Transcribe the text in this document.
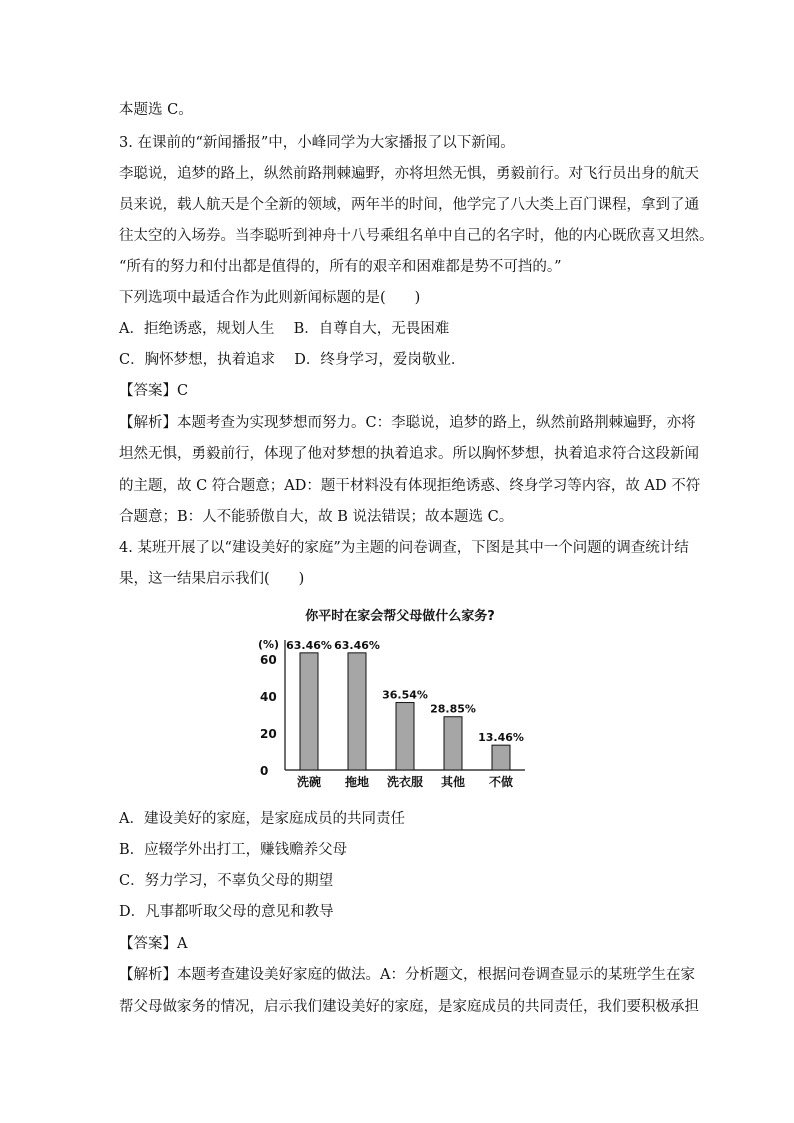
本题选 C。
3. 在课前的“新闻播报”中，小峰同学为大家播报了以下新闻。
李聪说，追梦的路上，纵然前路荆棘遍野，亦将坦然无惧，勇毅前行。对飞行员出身的航天
员来说，载人航天是个全新的领域，两年半的时间，他学完了八大类上百门课程，拿到了通
往太空的入场券。当李聪听到神舟十八号乘组名单中自己的名字时，他的内心既欣喜又坦然。
“所有的努力和付出都是值得的，所有的艰辛和困难都是势不可挡的。”
下列选项中最适合作为此则新闻标题的是(　　)
A．拒绝诱惑，规划人生　 B．自尊自大，无畏困难
C．胸怀梦想，执着追求　 D．终身学习，爱岗敬业．
【答案】C
【解析】本题考查为实现梦想而努力。C：李聪说，追梦的路上，纵然前路荆棘遍野，亦将
坦然无惧，勇毅前行，体现了他对梦想的执着追求。所以胸怀梦想，执着追求符合这段新闻
的主题，故 C 符合题意；AD：题干材料没有体现拒绝诱惑、终身学习等内容，故 AD 不符
合题意；B：人不能骄傲自大，故 B 说法错误；故本题选 C。
4. 某班开展了以“建设美好的家庭”为主题的问卷调查，下图是其中一个问题的调查统计结
果，这一结果启示我们(　　)
A．建设美好的家庭，是家庭成员的共同责任
B．应辍学外出打工，赚钱赡养父母
C．努力学习，不辜负父母的期望
D．凡事都听取父母的意见和教导
【答案】A
【解析】本题考查建设美好家庭的做法。A：分析题文，根据问卷调查显示的某班学生在家
帮父母做家务的情况，启示我们建设美好的家庭，是家庭成员的共同责任，我们要积极承担
你平时在家会帮父母做什么家务?
(%)
0
20
40
60
63.46%
洗碗
63.46%
拖地
36.54%
洗衣服
28.85%
其他
13.46%
不做
